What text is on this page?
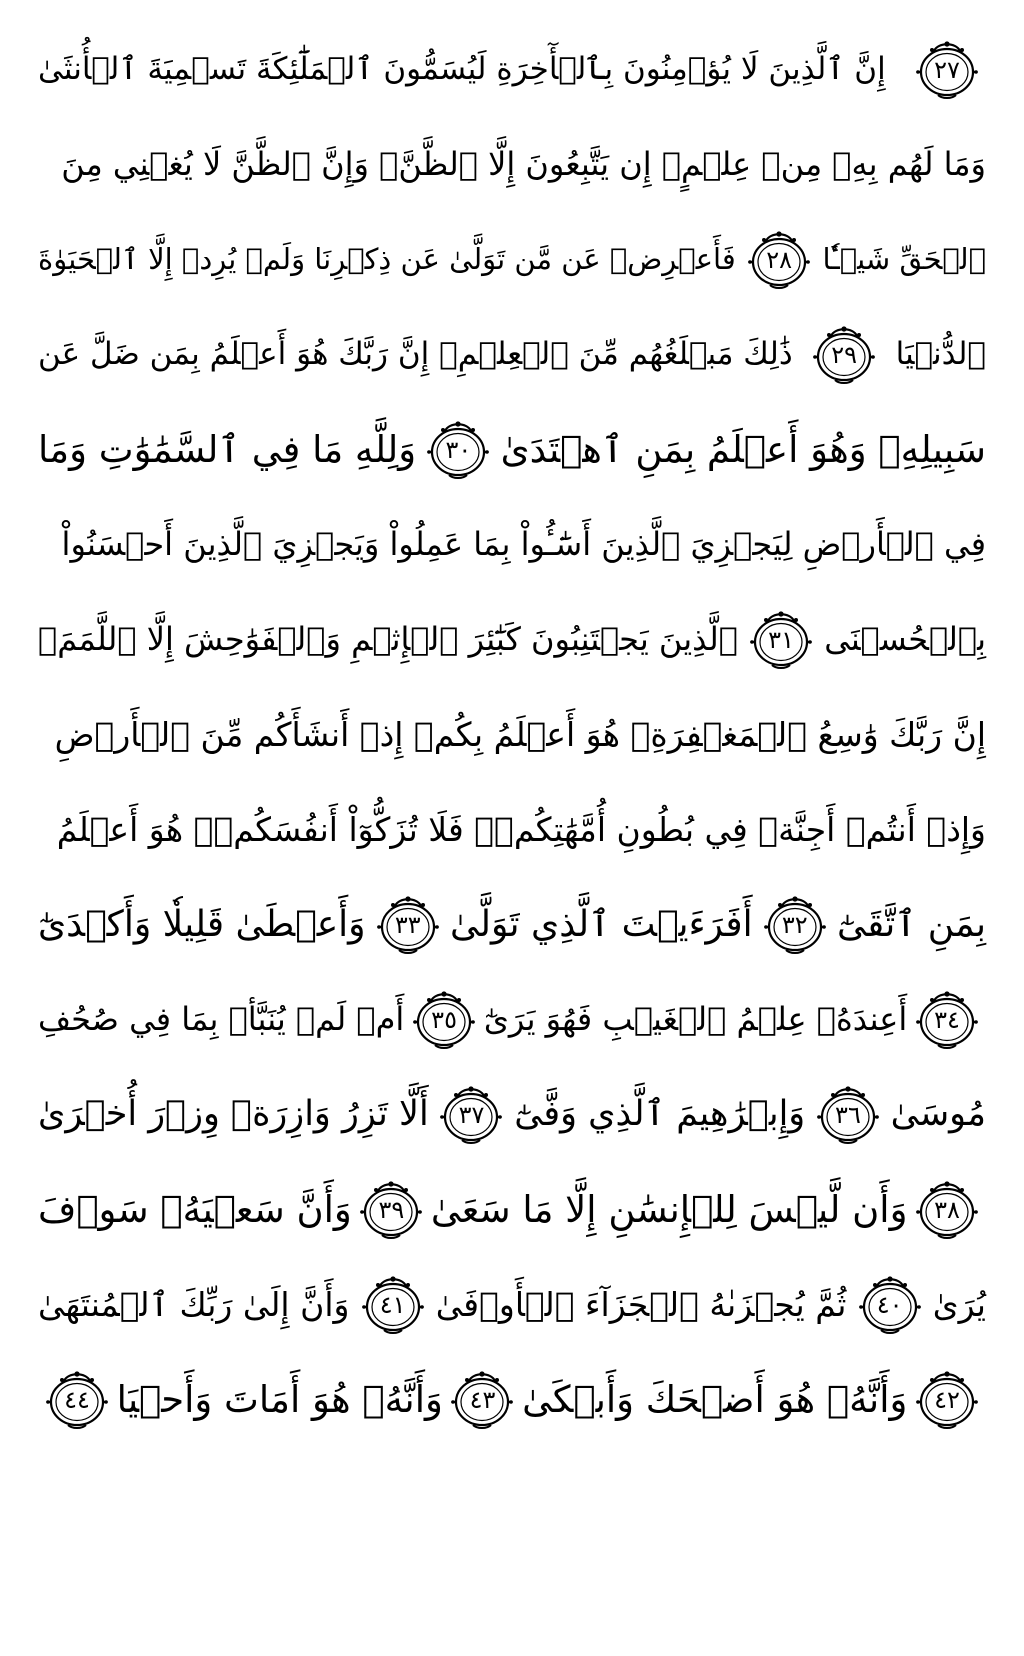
٢٧
إِنَّ ٱلَّذِينَ لَا يُؤۡمِنُونَ بِٱلۡأٓخِرَةِ لَيُسَمُّونَ ٱلۡمَلَٰٓئِكَةَ تَسۡمِيَةَ ٱلۡأُنثَىٰ
وَمَا لَهُم بِهِۦ مِنۡ عِلۡمٍۖ إِن يَتَّبِعُونَ إِلَّا ٱلظَّنَّۖ وَإِنَّ ٱلظَّنَّ لَا يُغۡنِي مِنَ
ٱلۡحَقِّ شَيۡـٔٗا
٢٨
فَأَعۡرِضۡ عَن مَّن تَوَلَّىٰ عَن ذِكۡرِنَا وَلَمۡ يُرِدۡ إِلَّا ٱلۡحَيَوٰةَ
ٱلدُّنۡيَا
٢٩
ذَٰلِكَ مَبۡلَغُهُم مِّنَ ٱلۡعِلۡمِۚ إِنَّ رَبَّكَ هُوَ أَعۡلَمُ بِمَن ضَلَّ عَن
سَبِيلِهِۦ وَهُوَ أَعۡلَمُ بِمَنِ ٱهۡتَدَىٰ
٣٠
وَلِلَّهِ مَا فِي ٱلسَّمَٰوَٰتِ وَمَا
فِي ٱلۡأَرۡضِ لِيَجۡزِيَ ٱلَّذِينَ أَسَٰٓـُٔواْ بِمَا عَمِلُواْ وَيَجۡزِيَ ٱلَّذِينَ أَحۡسَنُواْ
بِٱلۡحُسۡنَى
٣١
ٱلَّذِينَ يَجۡتَنِبُونَ كَبَٰٓئِرَ ٱلۡإِثۡمِ وَٱلۡفَوَٰحِشَ إِلَّا ٱللَّمَمَۚ
إِنَّ رَبَّكَ وَٰسِعُ ٱلۡمَغۡفِرَةِۚ هُوَ أَعۡلَمُ بِكُمۡ إِذۡ أَنشَأَكُم مِّنَ ٱلۡأَرۡضِ
وَإِذۡ أَنتُمۡ أَجِنَّةٞ فِي بُطُونِ أُمَّهَٰتِكُمۡۖ فَلَا تُزَكُّوٓاْ أَنفُسَكُمۡۖ هُوَ أَعۡلَمُ
بِمَنِ ٱتَّقَىٰٓ
٣٢
أَفَرَءَيۡتَ ٱلَّذِي تَوَلَّىٰ
٣٣
وَأَعۡطَىٰ قَلِيلٗا وَأَكۡدَىٰٓ
٣٤
أَعِندَهُۥ عِلۡمُ ٱلۡغَيۡبِ فَهُوَ يَرَىٰٓ
٣٥
أَمۡ لَمۡ يُنَبَّأۡ بِمَا فِي صُحُفِ
مُوسَىٰ
٣٦
وَإِبۡرَٰهِيمَ ٱلَّذِي وَفَّىٰٓ
٣٧
أَلَّا تَزِرُ وَازِرَةٞ وِزۡرَ أُخۡرَىٰ
٣٨
وَأَن لَّيۡسَ لِلۡإِنسَٰنِ إِلَّا مَا سَعَىٰ
٣٩
وَأَنَّ سَعۡيَهُۥ سَوۡفَ
يُرَىٰ
٤٠
ثُمَّ يُجۡزَىٰهُ ٱلۡجَزَآءَ ٱلۡأَوۡفَىٰ
٤١
وَأَنَّ إِلَىٰ رَبِّكَ ٱلۡمُنتَهَىٰ
٤٢
وَأَنَّهُۥ هُوَ أَضۡحَكَ وَأَبۡكَىٰ
٤٣
وَأَنَّهُۥ هُوَ أَمَاتَ وَأَحۡيَا
٤٤
